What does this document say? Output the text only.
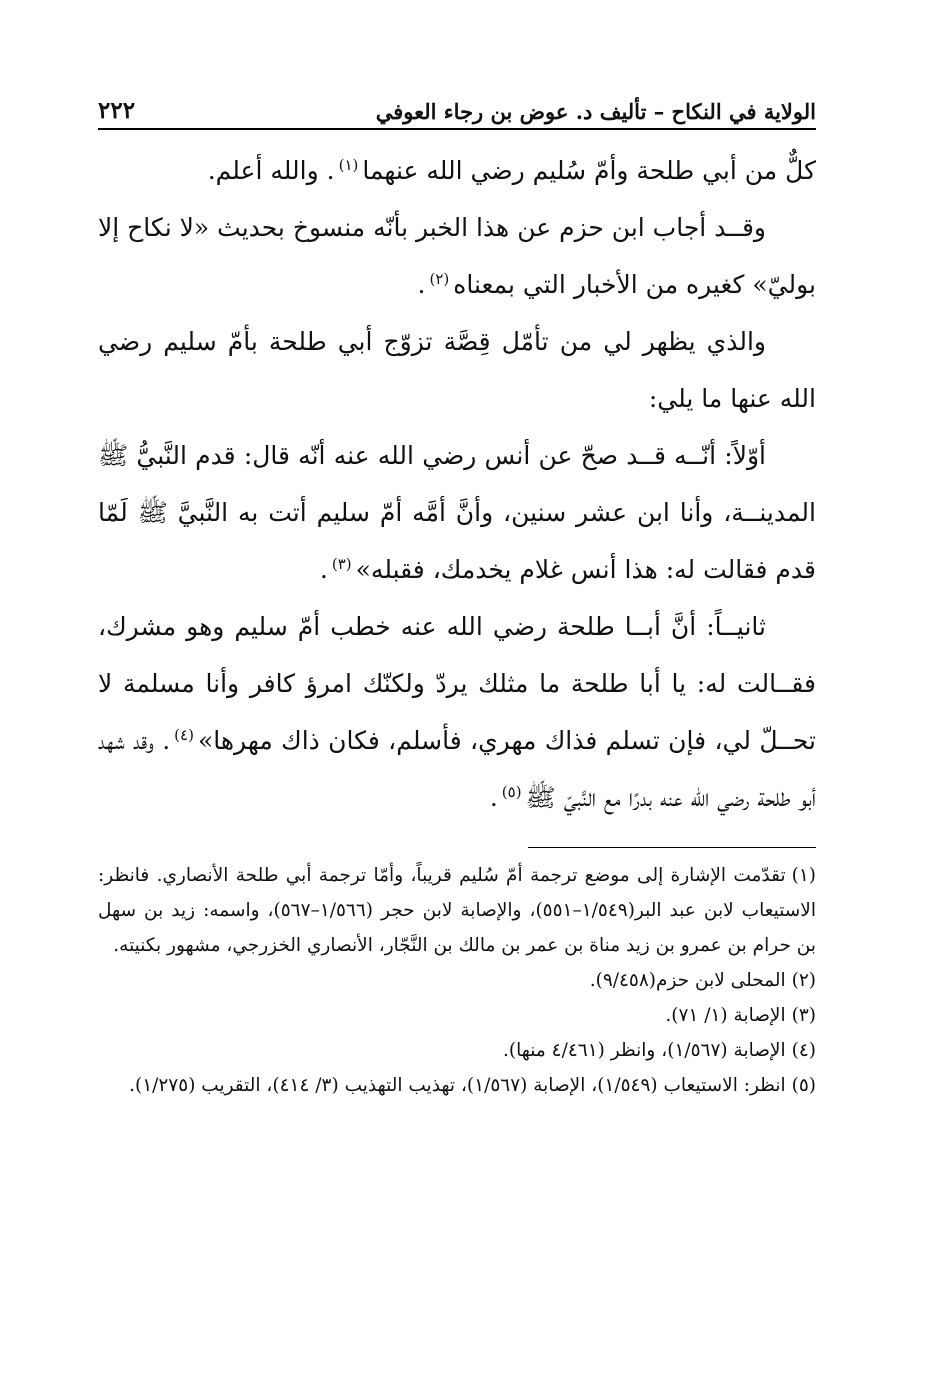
الولاية في النكاح – تأليف د. عوض بن رجاء العوفي
٢٢٢

كلٌّ من أبي طلحة وأمّ سُليم رضي الله عنهما$^{(١)}$. والله أعلم.

وقــد أجاب ابن حزم عن هذا الخبر بأنّه منسوخ بحديث «لا نكاح إلا بوليّ» كغيره من الأخبار التي بمعناه$^{(٢)}$.

والذي يظهر لي من تأمّل قِصَّة تزوّج أبي طلحة بأمّ سليم رضي الله عنها ما يلي:

أوّلاً: أنّــه قــد صحّ عن أنس رضي الله عنه أنّه قال: قدم النَّبيُّ ﷺ المدينــة، وأنا ابن عشر سنين، وأنَّ أمَّه أمّ سليم أتت به النَّبيَّ ﷺ لَمّا قدم فقالت له: هذا أنس غلام يخدمك، فقبله»$^{(٣)}$.

ثانيــاً: أنَّ أبــا طلحة رضي الله عنه خطب أمّ سليم وهو مشرك، فقــالت له: يا أبا طلحة ما مثلك يردّ ولكنّك امرؤ كافر وأنا مسلمة لا تحــلّ لي، فإن تسلم فذاك مهري، فأسلم، فكان ذاك مهرها»$^{(٤)}$. وقد شهد أبو طلحة رضي الله عنه بدرًا مع النَّبيّ ﷺ$^{(٥)}$.

(١)تقدّمت الإشارة إلى موضع ترجمة أمّ سُليم قريباً، وأمّا ترجمة أبي طلحة الأنصاري. فانظر: الاستيعاب لابن عبد البر(١/٥٤٩–٥٥١)، والإصابة لابن حجر (١/٥٦٦–٥٦٧)، واسمه: زيد بن سهل بن حرام بن عمرو بن زيد مناة بن عمر بن مالك بن النَّجّار، الأنصاري الخزرجي، مشهور بكنيته.

(٢)المحلى لابن حزم(٩/٤٥٨).

(٣)الإصابة (١/ ٧١).

(٤)الإصابة (١/٥٦٧)، وانظر (٤/٤٦١ منها).

(٥)انظر: الاستيعاب (١/٥٤٩)، الإصابة (١/٥٦٧)، تهذيب التهذيب (٣/ ٤١٤)، التقريب (١/٢٧٥).
